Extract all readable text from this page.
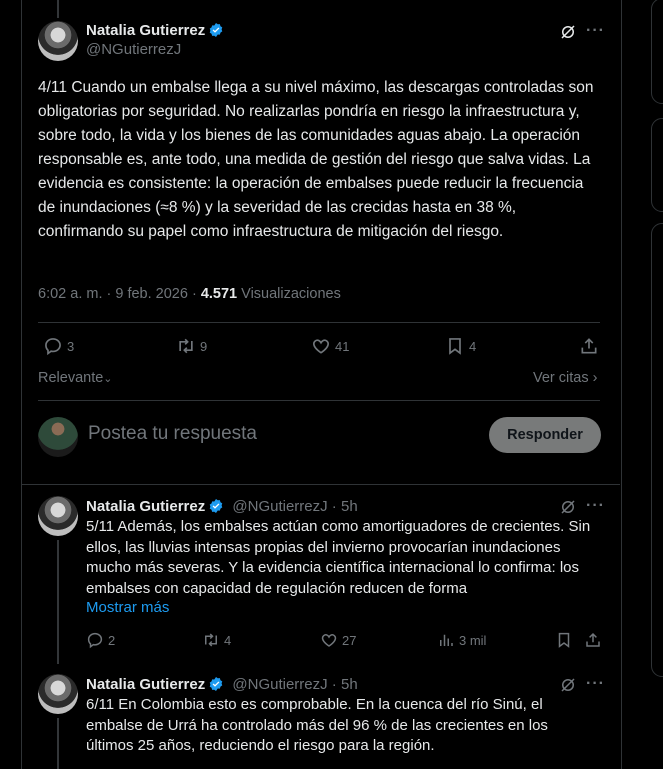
Natalia Gutierrez
@NGutierrezJ
···
4/11 Cuando un embalse llega a su nivel máximo, las descargas controladas son obligatorias por seguridad. No realizarlas pondría en riesgo la infraestructura y, sobre todo, la vida y los bienes de las comunidades aguas abajo. La operación responsable es, ante todo, una medida de gestión del riesgo que salva vidas. La evidencia es consistente: la operación de embalses puede reducir la frecuencia de inundaciones (≈8 %) y la severidad de las crecidas hasta en 38 %, confirmando su papel como infraestructura de mitigación del riesgo.
6:02 a. m. · 9 feb. 2026 · 4.571 Visualizaciones
3	9	41	4
Relevante⌄	Ver citas ›
Postea tu respuesta	Responder
Natalia Gutierrez @NGutierrezJ · 5h	···
5/11 Además, los embalses actúan como amortiguadores de crecientes. Sin ellos, las lluvias intensas propias del invierno provocarían inundaciones mucho más severas. Y la evidencia científica internacional lo confirma: los embalses con capacidad de regulación reducen de forma
Mostrar más
2	4	27	3 mil
Natalia Gutierrez @NGutierrezJ · 5h	···
6/11 En Colombia esto es comprobable. En la cuenca del río Sinú, el embalse de Urrá ha controlado más del 96 % de las crecientes en los últimos 25 años, reduciendo el riesgo para la región.
